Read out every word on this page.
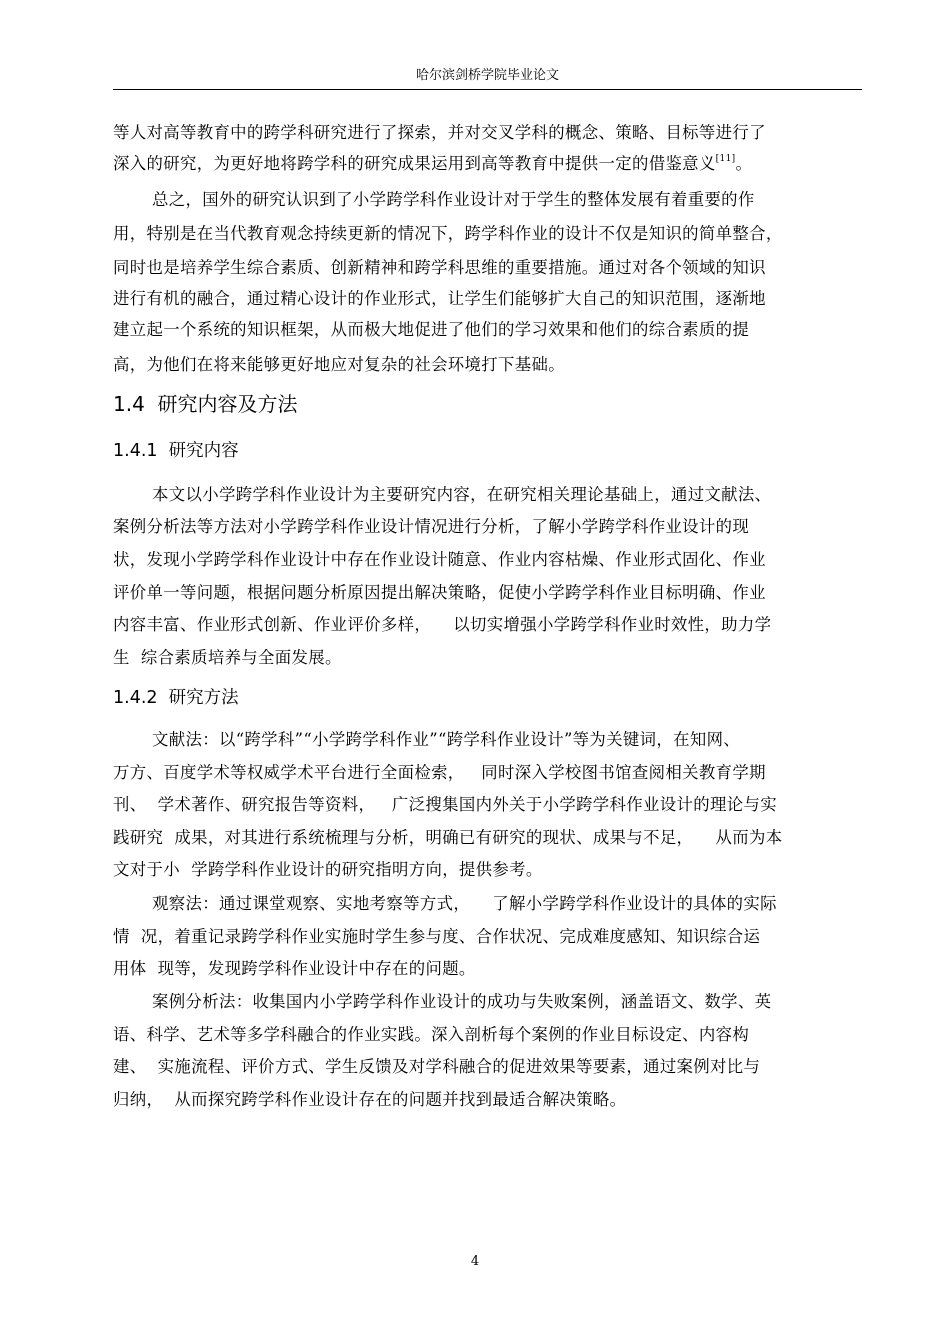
哈尔滨剑桥学院毕业论文
等人对高等教育中的跨学科研究进行了探索，并对交叉学科的概念、策略、目标等进行了
深入的研究，为更好地将跨学科的研究成果运用到高等教育中提供一定的借鉴意义[11]。
总之，国外的研究认识到了小学跨学科作业设计对于学生的整体发展有着重要的作
用，特别是在当代教育观念持续更新的情况下，跨学科作业的设计不仅是知识的简单整合，
同时也是培养学生综合素质、创新精神和跨学科思维的重要措施。通过对各个领域的知识
进行有机的融合，通过精心设计的作业形式，让学生们能够扩大自己的知识范围，逐渐地
建立起一个系统的知识框架，从而极大地促进了他们的学习效果和他们的综合素质的提
高，为他们在将来能够更好地应对复杂的社会环境打下基础。
1.4 研究内容及方法
1.4.1 研究内容
本文以小学跨学科作业设计为主要研究内容，在研究相关理论基础上，通过文献法、
案例分析法等方法对小学跨学科作业设计情况进行分析，了解小学跨学科作业设计的现
状，发现小学跨学科作业设计中存在作业设计随意、作业内容枯燥、作业形式固化、作业
评价单一等问题，根据问题分析原因提出解决策略，促使小学跨学科作业目标明确、作业
内容丰富、作业形式创新、作业评价多样，    以切实增强小学跨学科作业时效性，助力学
生  综合素质培养与全面发展。
1.4.2 研究方法
文献法：以“跨学科”“小学跨学科作业”“跨学科作业设计”等为关键词，在知网、
万方、百度学术等权威学术平台进行全面检索，   同时深入学校图书馆查阅相关教育学期
刊、  学术著作、研究报告等资料，   广泛搜集国内外关于小学跨学科作业设计的理论与实
践研究  成果，对其进行系统梳理与分析，明确已有研究的现状、成果与不足，    从而为本
文对于小  学跨学科作业设计的研究指明方向，提供参考。
观察法：通过课堂观察、实地考察等方式，    了解小学跨学科作业设计的具体的实际
情  况，着重记录跨学科作业实施时学生参与度、合作状况、完成难度感知、知识综合运
用体  现等，发现跨学科作业设计中存在的问题。
案例分析法：收集国内小学跨学科作业设计的成功与失败案例，涵盖语文、数学、英
语、科学、艺术等多学科融合的作业实践。深入剖析每个案例的作业目标设定、内容构
建、  实施流程、评价方式、学生反馈及对学科融合的促进效果等要素，通过案例对比与
归纳，  从而探究跨学科作业设计存在的问题并找到最适合解决策略。
4
